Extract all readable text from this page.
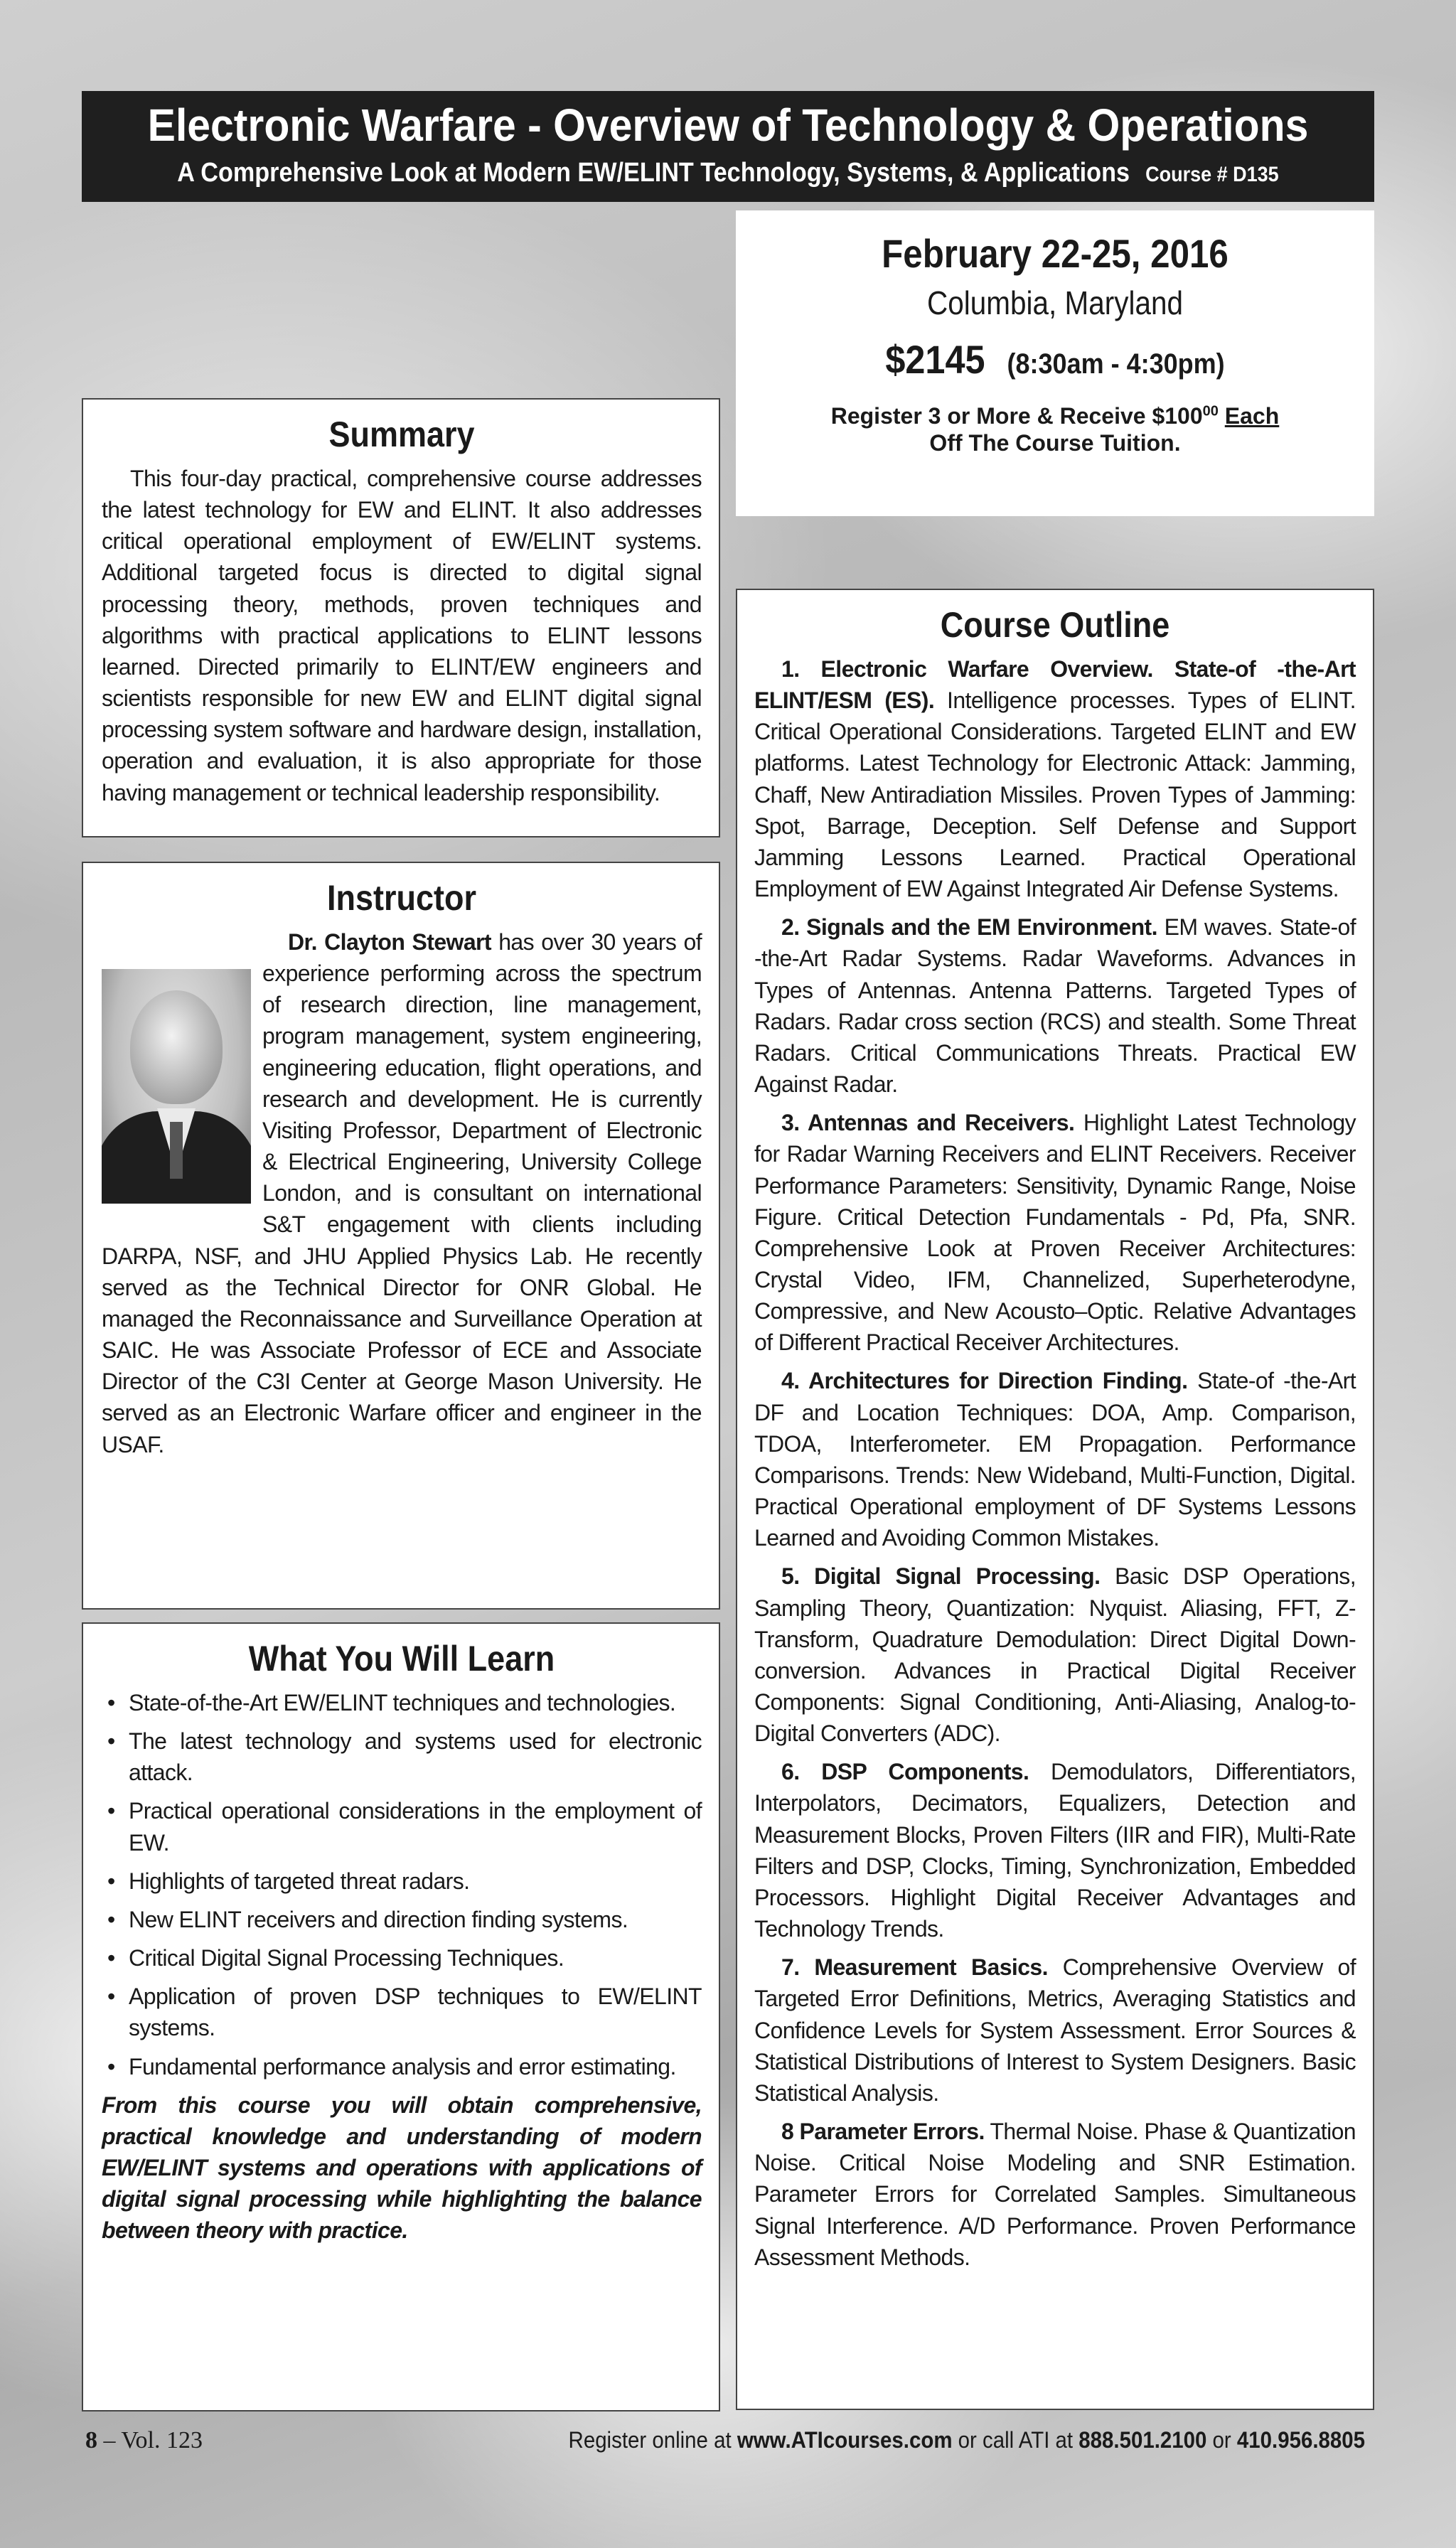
Electronic Warfare - Overview of Technology & Operations
A Comprehensive Look at Modern EW/ELINT Technology, Systems, & Applications Course # D135
February 22-25, 2016
Columbia, Maryland
$2145 (8:30am - 4:30pm)
Register 3 or More & Receive $\$100^{00}$ Each
Off The Course Tuition.
Summary
This four-day practical, comprehensive course addresses the latest technology for EW and ELINT. It also addresses critical operational employment of EW/ELINT systems. Additional targeted focus is directed to digital signal processing theory, methods, proven techniques and algorithms with practical applications to ELINT lessons learned. Directed primarily to ELINT/EW engineers and scientists responsible for new EW and ELINT digital signal processing system software and hardware design, installation, operation and evaluation, it is also appropriate for those having management or technical leadership responsibility.
Instructor
Dr. Clayton Stewart has over 30 years of experience performing across the spectrum of research direction, line management, program management, system engineering, engineering education, flight operations, and research and development. He is currently Visiting Professor, Department of Electronic & Electrical Engineering, University College London, and is consultant on international S&T engagement with clients including DARPA, NSF, and JHU Applied Physics Lab. He recently served as the Technical Director for ONR Global. He managed the Reconnaissance and Surveillance Operation at SAIC. He was Associate Professor of ECE and Associate Director of the C3I Center at George Mason University. He served as an Electronic Warfare officer and engineer in the USAF.
What You Will Learn
• State-of-the-Art EW/ELINT techniques and technologies.
• The latest technology and systems used for electronic attack.
• Practical operational considerations in the employment of EW.
• Highlights of targeted threat radars.
• New ELINT receivers and direction finding systems.
• Critical Digital Signal Processing Techniques.
• Application of proven DSP techniques to EW/ELINT systems.
• Fundamental performance analysis and error estimating.
From this course you will obtain comprehensive, practical knowledge and understanding of modern EW/ELINT systems and operations with applications of digital signal processing while highlighting the balance between theory with practice.
Course Outline
1. Electronic Warfare Overview. State-of -the-Art ELINT/ESM (ES). Intelligence processes. Types of ELINT. Critical Operational Considerations. Targeted ELINT and EW platforms. Latest Technology for Electronic Attack: Jamming, Chaff, New Antiradiation Missiles. Proven Types of Jamming: Spot, Barrage, Deception. Self Defense and Support Jamming Lessons Learned. Practical Operational Employment of EW Against Integrated Air Defense Systems.
2. Signals and the EM Environment. EM waves. State-of -the-Art Radar Systems. Radar Waveforms. Advances in Types of Antennas. Antenna Patterns. Targeted Types of Radars. Radar cross section (RCS) and stealth. Some Threat Radars. Critical Communications Threats. Practical EW Against Radar.
3. Antennas and Receivers. Highlight Latest Technology for Radar Warning Receivers and ELINT Receivers. Receiver Performance Parameters: Sensitivity, Dynamic Range, Noise Figure. Critical Detection Fundamentals - Pd, Pfa, SNR. Comprehensive Look at Proven Receiver Architectures: Crystal Video, IFM, Channelized, Superheterodyne, Compressive, and New Acousto–Optic. Relative Advantages of Different Practical Receiver Architectures.
4. Architectures for Direction Finding. State-of -the-Art DF and Location Techniques: DOA, Amp. Comparison, TDOA, Interferometer. EM Propagation. Performance Comparisons. Trends: New Wideband, Multi-Function, Digital. Practical Operational employment of DF Systems Lessons Learned and Avoiding Common Mistakes.
5. Digital Signal Processing. Basic DSP Operations, Sampling Theory, Quantization: Nyquist. Aliasing, FFT, Z-Transform, Quadrature Demodulation: Direct Digital Down-conversion. Advances in Practical Digital Receiver Components: Signal Conditioning, Anti-Aliasing, Analog-to-Digital Converters (ADC).
6. DSP Components. Demodulators, Differentiators, Interpolators, Decimators, Equalizers, Detection and Measurement Blocks, Proven Filters (IIR and FIR), Multi-Rate Filters and DSP, Clocks, Timing, Synchronization, Embedded Processors. Highlight Digital Receiver Advantages and Technology Trends.
7. Measurement Basics. Comprehensive Overview of Targeted Error Definitions, Metrics, Averaging Statistics and Confidence Levels for System Assessment. Error Sources & Statistical Distributions of Interest to System Designers. Basic Statistical Analysis.
8 Parameter Errors. Thermal Noise. Phase & Quantization Noise. Critical Noise Modeling and SNR Estimation. Parameter Errors for Correlated Samples. Simultaneous Signal Interference. A/D Performance. Proven Performance Assessment Methods.
8 – Vol. 123	Register online at www.ATIcourses.com or call ATI at 888.501.2100 or 410.956.8805
